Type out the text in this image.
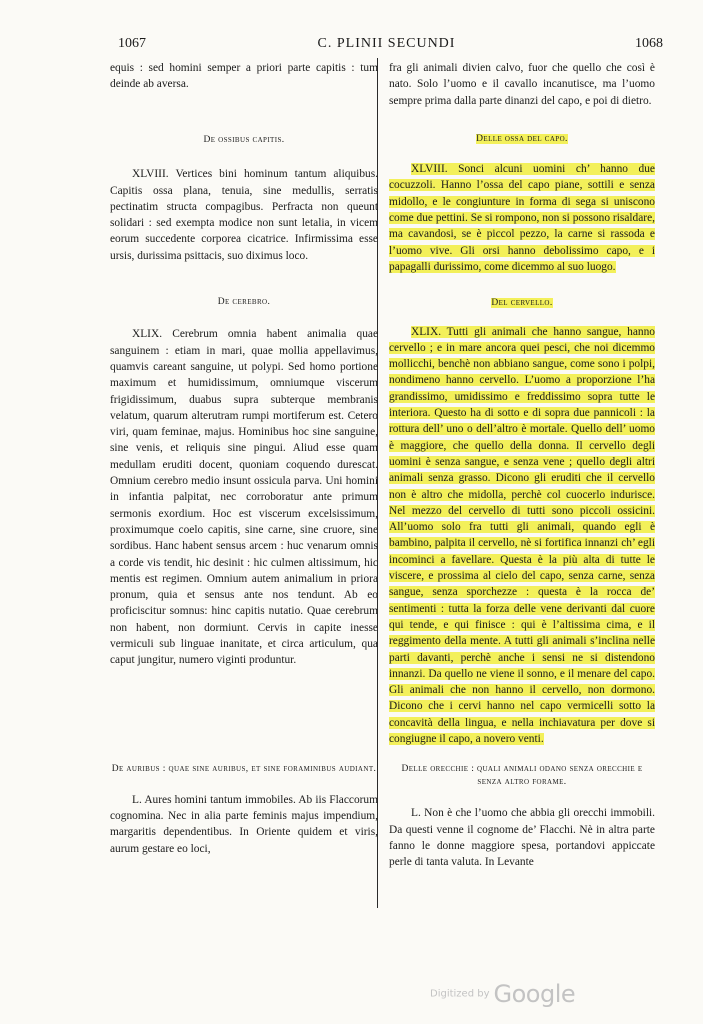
1067	C. PLINII SECUNDI	1068

equis : sed homini semper a priori parte capitis : tum deinde ab aversa.

De ossibus capitis.

XLVIII. Vertices bini hominum tantum aliquibus. Capitis ossa plana, tenuia, sine medullis, serratis pectinatim structa compagibus. Perfracta non queunt solidari : sed exempta modice non sunt letalia, in vicem eorum succedente corporea cicatrice. Infirmissima esse ursis, durissima psittacis, suo diximus loco.

De cerebro.

XLIX. Cerebrum omnia habent animalia quae sanguinem : etiam in mari, quae mollia appellavimus, quamvis careant sanguine, ut polypi. Sed homo portione maximum et humidissimum, omniumque viscerum frigidissimum, duabus supra subterque membranis velatum, quarum alterutram rumpi mortiferum est. Cetero viri, quam feminae, majus. Hominibus hoc sine sanguine, sine venis, et reliquis sine pingui. Aliud esse quam medullam eruditi docent, quoniam coquendo durescat. Omnium cerebro medio insunt ossicula parva. Uni homini in infantia palpitat, nec corroboratur ante primum sermonis exordium. Hoc est viscerum excelsissimum, proximumque coelo capitis, sine carne, sine cruore, sine sordibus. Hanc habent sensus arcem : huc venarum omnis a corde vis tendit, hic desinit : hic culmen altissimum, hic mentis est regimen. Omnium autem animalium in priora pronum, quia et sensus ante nos tendunt. Ab eo proficiscitur somnus: hinc capitis nutatio. Quae cerebrum non habent, non dormiunt. Cervis in capite inesse vermiculi sub linguae inanitate, et circa articulum, qua caput jungitur, numero viginti produntur.

De auribus : quae sine auribus, et sine foraminibus audiant.

L. Aures homini tantum immobiles. Ab iis Flaccorum cognomina. Nec in alia parte feminis majus impendium, margaritis dependentibus. In Oriente quidem et viris, aurum gestare eo loci,

fra gli animali divien calvo, fuor che quello che così è nato. Solo l’uomo e il cavallo incanutisce, ma l’uomo sempre prima dalla parte dinanzi del capo, e poi di dietro.

Delle ossa del capo.

XLVIII. Sonci alcuni uomini ch’ hanno due cocuzzoli. Hanno l’ossa del capo piane, sottili e senza midollo, e le congiunture in forma di sega si uniscono come due pettini. Se si rompono, non si possono risaldare, ma cavandosi, se è piccol pezzo, la carne si rassoda e l’uomo vive. Gli orsi hanno debolissimo capo, e i papagalli durissimo, come dicemmo al suo luogo.

Del cervello.

XLIX. Tutti gli animali che hanno sangue, hanno cervello ; e in mare ancora quei pesci, che noi dicemmo mollicchi, benchè non abbiano sangue, come sono i polpi, nondimeno hanno cervello. L’uomo a proporzione l’ha grandissimo, umidissimo e freddissimo sopra tutte le interiora. Questo ha di sotto e di sopra due pannicoli : la rottura dell’ uno o dell’altro è mortale. Quello dell’ uomo è maggiore, che quello della donna. Il cervello degli uomini è senza sangue, e senza vene ; quello degli altri animali senza grasso. Dicono gli eruditi che il cervello non è altro che midolla, perchè col cuocerlo indurisce. Nel mezzo del cervello di tutti sono piccoli ossicini. All’uomo solo fra tutti gli animali, quando egli è bambino, palpita il cervello, nè si fortifica innanzi ch’ egli incominci a favellare. Questa è la più alta di tutte le viscere, e prossima al cielo del capo, senza carne, senza sangue, senza sporchezze : questa è la rocca de’ sentimenti : tutta la forza delle vene derivanti dal cuore qui tende, e qui finisce : qui è l’altissima cima, e il reggimento della mente. A tutti gli animali s’inclina nelle parti davanti, perchè anche i sensi ne si distendono innanzi. Da quello ne viene il sonno, e il menare del capo. Gli animali che non hanno il cervello, non dormono. Dicono che i cervi hanno nel capo vermicelli sotto la concavità della lingua, e nella inchiavatura per dove si congiugne il capo, a novero venti.

Delle orecchie : quali animali odano senza orecchie e senza altro forame.

L. Non è che l’uomo che abbia gli orecchi immobili. Da questi venne il cognome de’ Flacchi. Nè in altra parte fanno le donne maggiore spesa, portandovi appiccate perle di tanta valuta. In Levante

Digitized by Google
